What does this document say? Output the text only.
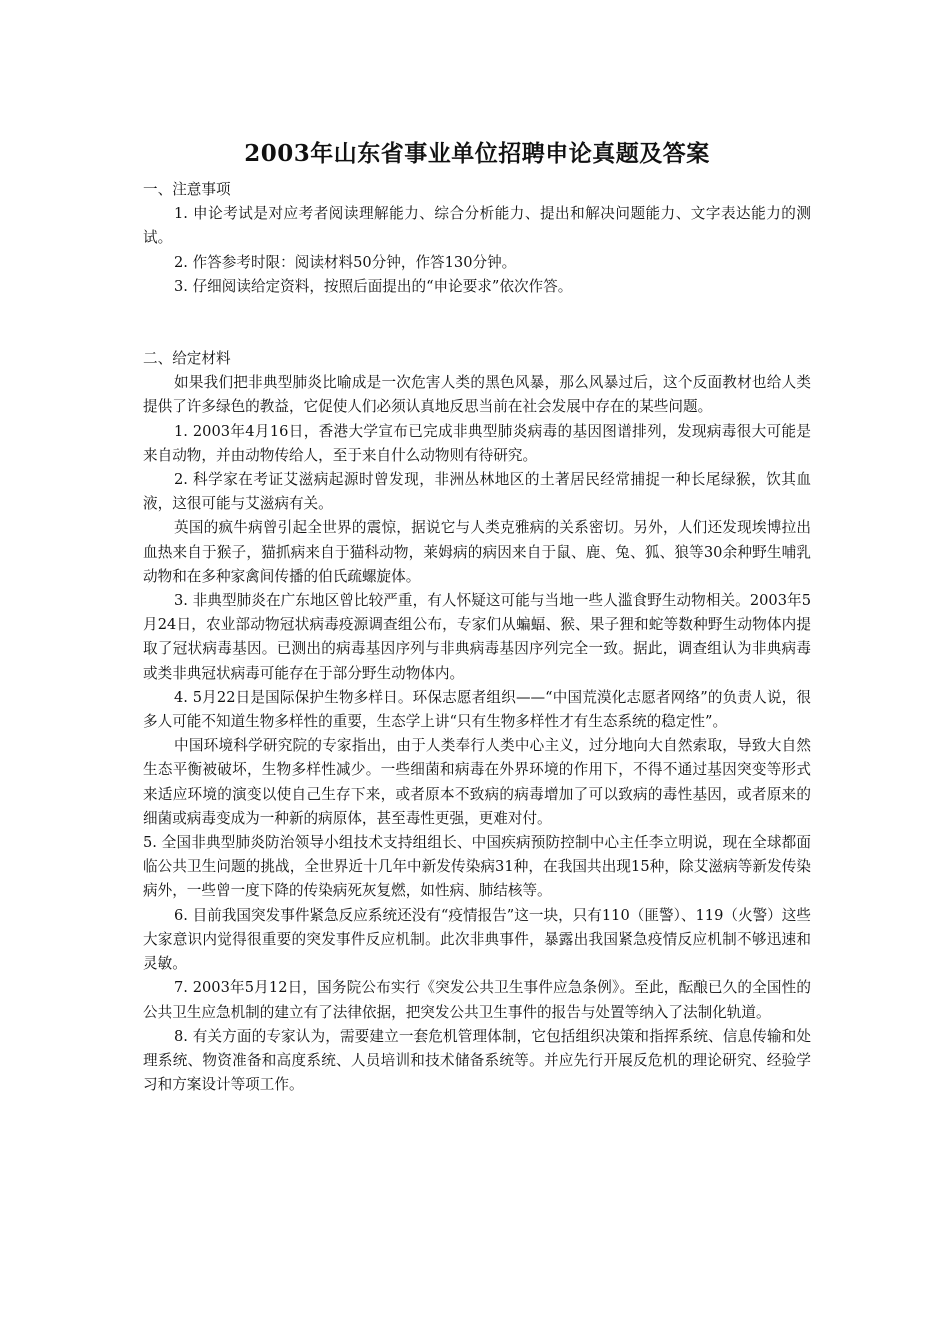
2003年山东省事业单位招聘申论真题及答案

一、注意事项

1. 申论考试是对应考者阅读理解能力、综合分析能力、提出和解决问题能力、文字表达能力的测试。

2. 作答参考时限：阅读材料50分钟，作答130分钟。

3. 仔细阅读给定资料，按照后面提出的“申论要求”依次作答。

二、给定材料

如果我们把非典型肺炎比喻成是一次危害人类的黑色风暴，那么风暴过后，这个反面教材也给人类提供了许多绿色的教益，它促使人们必须认真地反思当前在社会发展中存在的某些问题。

1. 2003年4月16日，香港大学宣布已完成非典型肺炎病毒的基因图谱排列，发现病毒很大可能是来自动物，并由动物传给人，至于来自什么动物则有待研究。

2. 科学家在考证艾滋病起源时曾发现，非洲丛林地区的土著居民经常捕捉一种长尾绿猴，饮其血液，这很可能与艾滋病有关。

英国的疯牛病曾引起全世界的震惊，据说它与人类克雅病的关系密切。另外，人们还发现埃博拉出血热来自于猴子，猫抓病来自于猫科动物，莱姆病的病因来自于鼠、鹿、兔、狐、狼等30余种野生哺乳动物和在多种家禽间传播的伯氏疏螺旋体。

3. 非典型肺炎在广东地区曾比较严重，有人怀疑这可能与当地一些人滥食野生动物相关。2003年5月24日，农业部动物冠状病毒疫源调查组公布，专家们从蝙蝠、猴、果子狸和蛇等数种野生动物体内提取了冠状病毒基因。已测出的病毒基因序列与非典病毒基因序列完全一致。据此，调查组认为非典病毒或类非典冠状病毒可能存在于部分野生动物体内。

4. 5月22日是国际保护生物多样日。环保志愿者组织——“中国荒漠化志愿者网络”的负责人说，很多人可能不知道生物多样性的重要，生态学上讲“只有生物多样性才有生态系统的稳定性”。

中国环境科学研究院的专家指出，由于人类奉行人类中心主义，过分地向大自然索取，导致大自然生态平衡被破坏，生物多样性减少。一些细菌和病毒在外界环境的作用下，不得不通过基因突变等形式来适应环境的演变以使自己生存下来，或者原本不致病的病毒增加了可以致病的毒性基因，或者原来的细菌或病毒变成为一种新的病原体，甚至毒性更强，更难对付。

5. 全国非典型肺炎防治领导小组技术支持组组长、中国疾病预防控制中心主任李立明说，现在全球都面临公共卫生问题的挑战，全世界近十几年中新发传染病31种，在我国共出现15种，除艾滋病等新发传染病外，一些曾一度下降的传染病死灰复燃，如性病、肺结核等。

6. 目前我国突发事件紧急反应系统还没有“疫情报告”这一块，只有110（匪警）、119（火警）这些大家意识内觉得很重要的突发事件反应机制。此次非典事件，暴露出我国紧急疫情反应机制不够迅速和灵敏。

7. 2003年5月12日，国务院公布实行《突发公共卫生事件应急条例》。至此，酝酿已久的全国性的公共卫生应急机制的建立有了法律依据，把突发公共卫生事件的报告与处置等纳入了法制化轨道。

8. 有关方面的专家认为，需要建立一套危机管理体制，它包括组织决策和指挥系统、信息传输和处理系统、物资准备和高度系统、人员培训和技术储备系统等。并应先行开展反危机的理论研究、经验学习和方案设计等项工作。
